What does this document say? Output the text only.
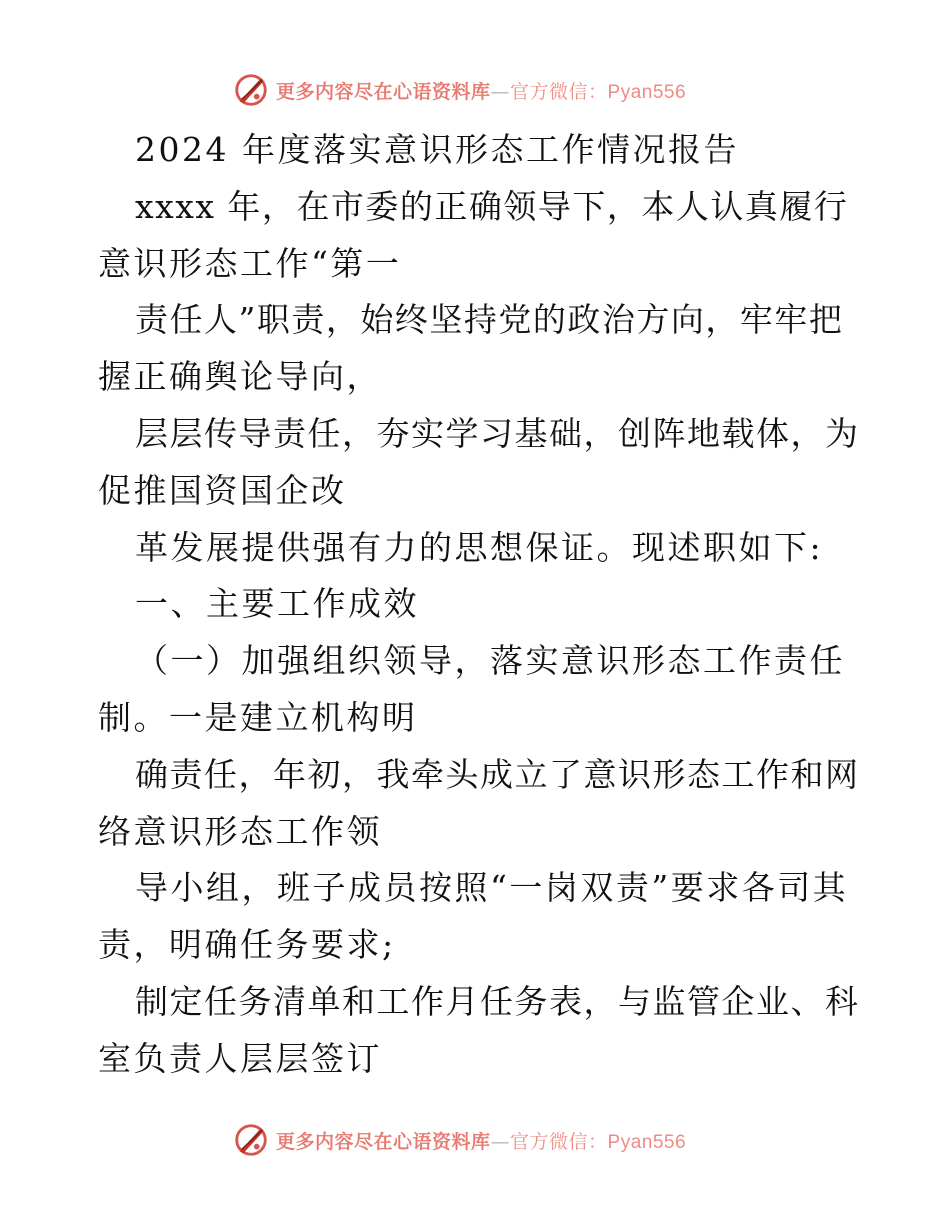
更多内容尽在心语资料库—官方微信：Pyan556
2024 年度落实意识形态工作情况报告
xxxx 年，在市委的正确领导下，本人认真履行
意识形态工作“第一
责任人”职责，始终坚持党的政治方向，牢牢把
握正确舆论导向，
层层传导责任，夯实学习基础，创阵地载体，为
促推国资国企改
革发展提供强有力的思想保证。现述职如下:
一、主要工作成效
（一）加强组织领导，落实意识形态工作责任
制。一是建立机构明
确责任，年初，我牵头成立了意识形态工作和网
络意识形态工作领
导小组，班子成员按照“一岗双责”要求各司其
责，明确任务要求;
制定任务清单和工作月任务表，与监管企业、科
室负责人层层签订
更多内容尽在心语资料库—官方微信：Pyan556
